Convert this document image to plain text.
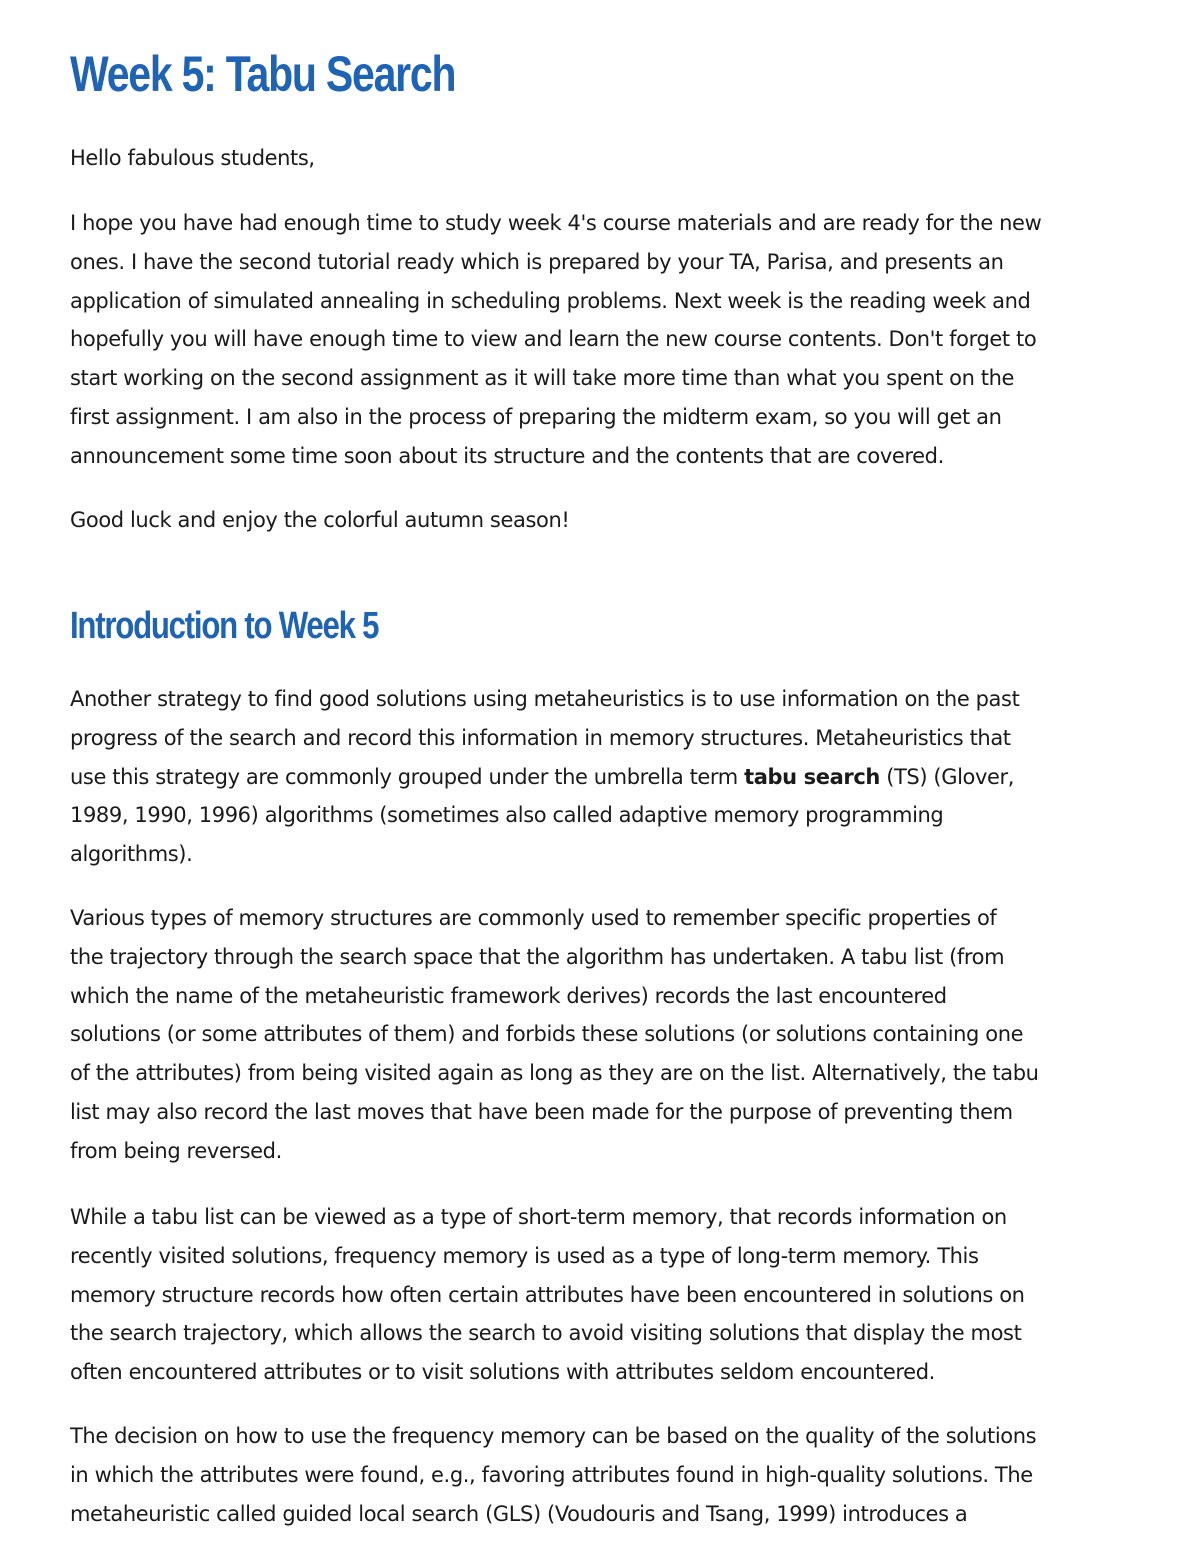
Week 5: Tabu Search

Hello fabulous students,

I hope you have had enough time to study week 4's course materials and are ready for the new
ones. I have the second tutorial ready which is prepared by your TA, Parisa, and presents an
application of simulated annealing in scheduling problems. Next week is the reading week and
hopefully you will have enough time to view and learn the new course contents. Don't forget to
start working on the second assignment as it will take more time than what you spent on the
first assignment. I am also in the process of preparing the midterm exam, so you will get an
announcement some time soon about its structure and the contents that are covered.

Good luck and enjoy the colorful autumn season!

Introduction to Week 5

Another strategy to find good solutions using metaheuristics is to use information on the past
progress of the search and record this information in memory structures. Metaheuristics that
use this strategy are commonly grouped under the umbrella term tabu search (TS) (Glover,
1989, 1990, 1996) algorithms (sometimes also called adaptive memory programming
algorithms).

Various types of memory structures are commonly used to remember specific properties of
the trajectory through the search space that the algorithm has undertaken. A tabu list (from
which the name of the metaheuristic framework derives) records the last encountered
solutions (or some attributes of them) and forbids these solutions (or solutions containing one
of the attributes) from being visited again as long as they are on the list. Alternatively, the tabu
list may also record the last moves that have been made for the purpose of preventing them
from being reversed.

While a tabu list can be viewed as a type of short-term memory, that records information on
recently visited solutions, frequency memory is used as a type of long-term memory. This
memory structure records how often certain attributes have been encountered in solutions on
the search trajectory, which allows the search to avoid visiting solutions that display the most
often encountered attributes or to visit solutions with attributes seldom encountered.

The decision on how to use the frequency memory can be based on the quality of the solutions
in which the attributes were found, e.g., favoring attributes found in high-quality solutions. The
metaheuristic called guided local search (GLS) (Voudouris and Tsang, 1999) introduces a
